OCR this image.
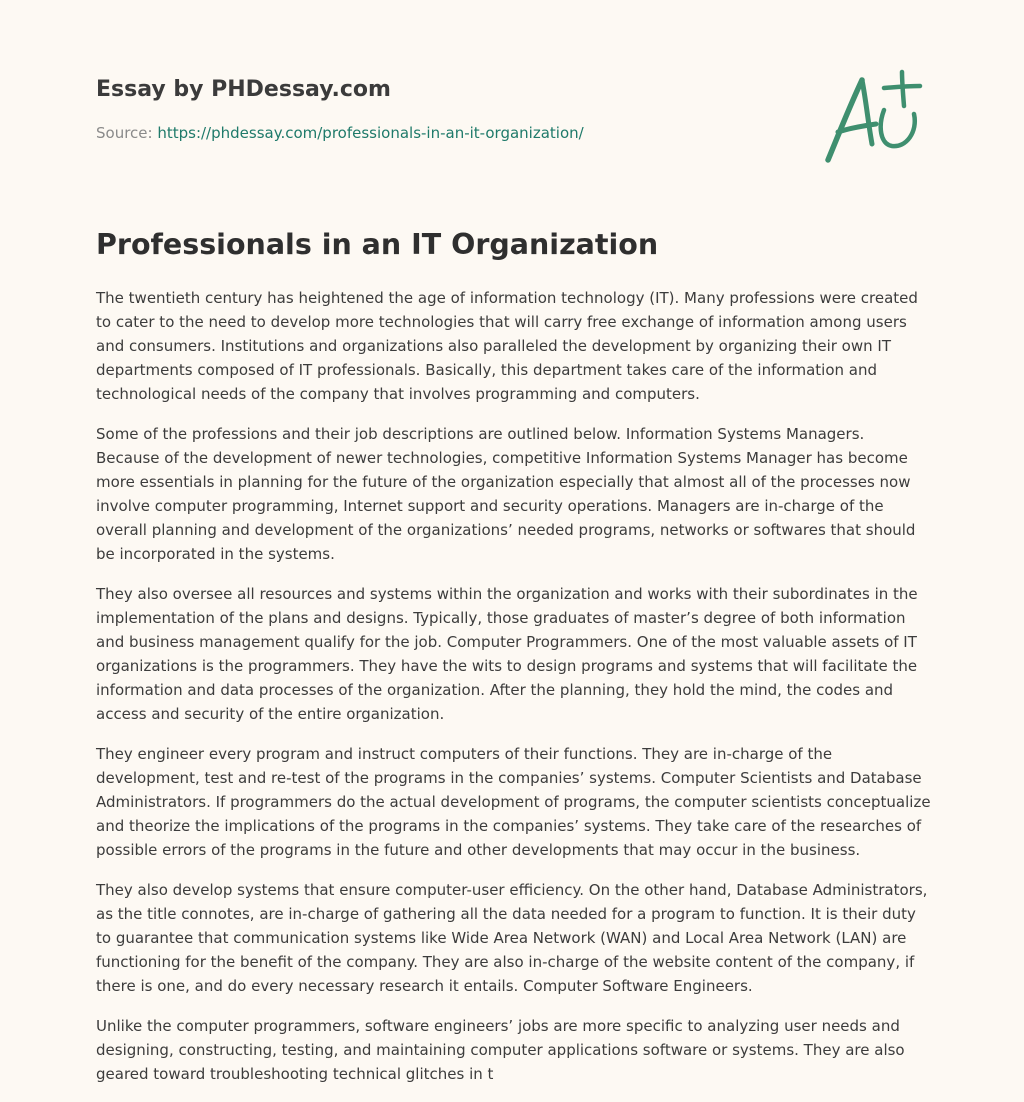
Essay by PHDessay.com
Source: https://phdessay.com/professionals-in-an-it-organization/
Professionals in an IT Organization

The twentieth century has heightened the age of information technology (IT). Many professions were created to cater to the need to develop more technologies that will carry free exchange of information among users and consumers. Institutions and organizations also paralleled the development by organizing their own IT departments composed of IT professionals. Basically, this department takes care of the information and technological needs of the company that involves programming and computers.

Some of the professions and their job descriptions are outlined below. Information Systems Managers. Because of the development of newer technologies, competitive Information Systems Manager has become more essentials in planning for the future of the organization especially that almost all of the processes now involve computer programming, Internet support and security operations. Managers are in-charge of the overall planning and development of the organizations’ needed programs, networks or softwares that should be incorporated in the systems.

They also oversee all resources and systems within the organization and works with their subordinates in the implementation of the plans and designs. Typically, those graduates of master’s degree of both information and business management qualify for the job. Computer Programmers. One of the most valuable assets of IT organizations is the programmers. They have the wits to design programs and systems that will facilitate the information and data processes of the organization. After the planning, they hold the mind, the codes and access and security of the entire organization.

They engineer every program and instruct computers of their functions. They are in-charge of the development, test and re-test of the programs in the companies’ systems. Computer Scientists and Database Administrators. If programmers do the actual development of programs, the computer scientists conceptualize and theorize the implications of the programs in the companies’ systems. They take care of the researches of possible errors of the programs in the future and other developments that may occur in the business.

They also develop systems that ensure computer-user efficiency. On the other hand, Database Administrators, as the title connotes, are in-charge of gathering all the data needed for a program to function. It is their duty to guarantee that communication systems like Wide Area Network (WAN) and Local Area Network (LAN) are functioning for the benefit of the company. They are also in-charge of the website content of the company, if there is one, and do every necessary research it entails. Computer Software Engineers.

Unlike the computer programmers, software engineers’ jobs are more specific to analyzing user needs and designing, constructing, testing, and maintaining computer applications software or systems. They are also geared toward troubleshooting technical glitches in t
